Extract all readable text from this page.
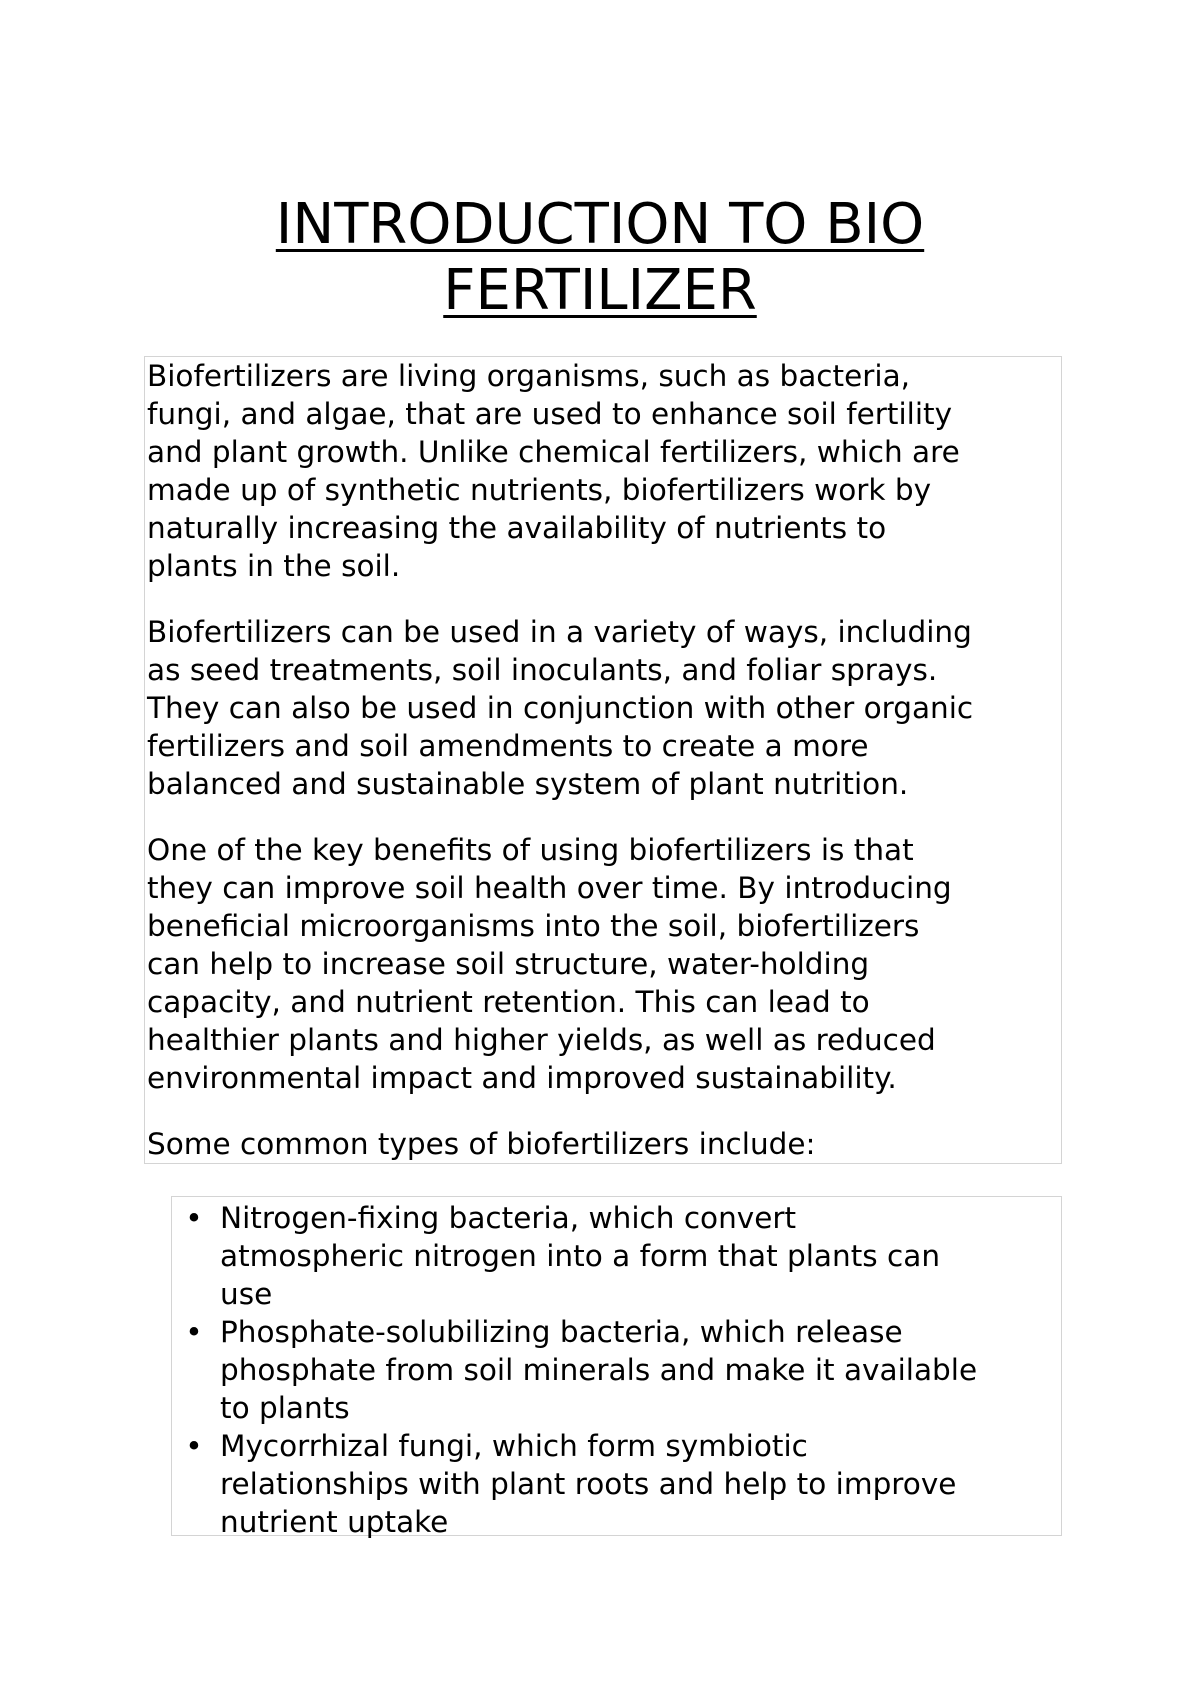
INTRODUCTION TO BIO
FERTILIZER
Biofertilizers are living organisms, such as bacteria,
fungi, and algae, that are used to enhance soil fertility
and plant growth. Unlike chemical fertilizers, which are
made up of synthetic nutrients, biofertilizers work by
naturally increasing the availability of nutrients to
plants in the soil.
Biofertilizers can be used in a variety of ways, including
as seed treatments, soil inoculants, and foliar sprays.
They can also be used in conjunction with other organic
fertilizers and soil amendments to create a more
balanced and sustainable system of plant nutrition.
One of the key benefits of using biofertilizers is that
they can improve soil health over time. By introducing
beneficial microorganisms into the soil, biofertilizers
can help to increase soil structure, water-holding
capacity, and nutrient retention. This can lead to
healthier plants and higher yields, as well as reduced
environmental impact and improved sustainability.
Some common types of biofertilizers include:
• Nitrogen-fixing bacteria, which convert
atmospheric nitrogen into a form that plants can
use
• Phosphate-solubilizing bacteria, which release
phosphate from soil minerals and make it available
to plants
• Mycorrhizal fungi, which form symbiotic
relationships with plant roots and help to improve
nutrient uptake
